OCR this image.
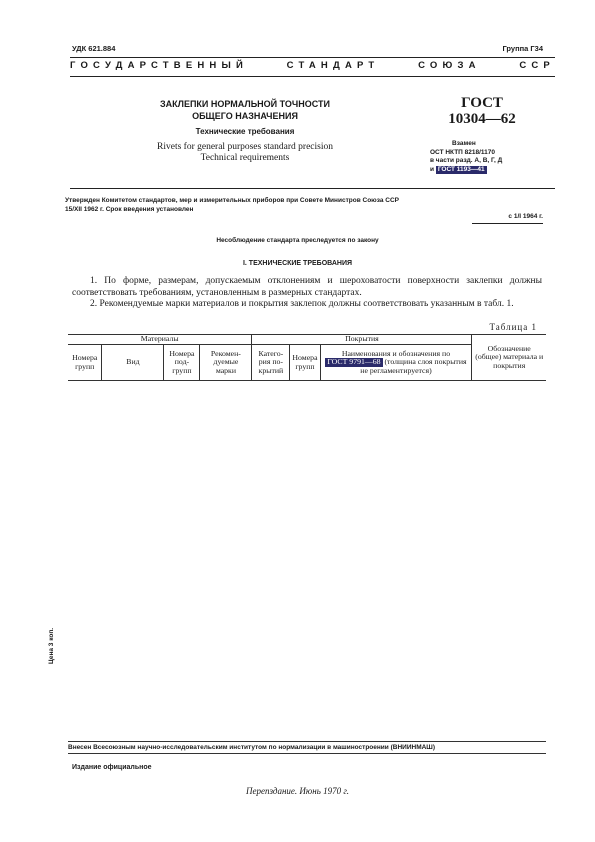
УДК 621.884	Группа Г34
ГОСУДАРСТВЕННЫЙ	СТАНДАРТ	СОЮЗА	ССР
ЗАКЛЕПКИ НОРМАЛЬНОЙ ТОЧНОСТИ
ОБЩЕГО НАЗНАЧЕНИЯ
Технические требования
Rivets for general purposes standard precision
Technical requirements
ГОСТ
10304—62
Взамен
ОСТ НКТП 8218/1170
в части разд. А, В, Г, Д
и ГОСТ 1193—41
Утвержден Комитетом стандартов, мер и измерительных приборов при Совете Министров Союза ССР
15/XII 1962 г. Срок введения установлен
с 1/I 1964 г.
Несоблюдение стандарта преследуется по закону
I. ТЕХНИЧЕСКИЕ ТРЕБОВАНИЯ
1. По форме, размерам, допускаемым отклонениям и шероховатости поверхности заклепки должны соответствовать требованиям, установленным в размерных стандартах.
2. Рекомендуемые марки материалов и покрытия заклепок должны соответствовать указанным в табл. 1.
Таблица 1
Материалы				Покрытия			Обозначение (общее) материала и покрытия
Номера групп	Вид	Номера под-групп	Рекомен-дуемые марки	Катего-рия по-крытий	Номера групп	Наименования и обозначения по ГОСТ 9791—68 (толщина слоя покрытия не регламентируется)	
Внесен Всесоюзным научно-исследовательским институтом по нормализации в машиностроении (ВНИИНМАШ)
Издание официальное
Перепздание. Июнь 1970 г.
Цена 3 коп.
